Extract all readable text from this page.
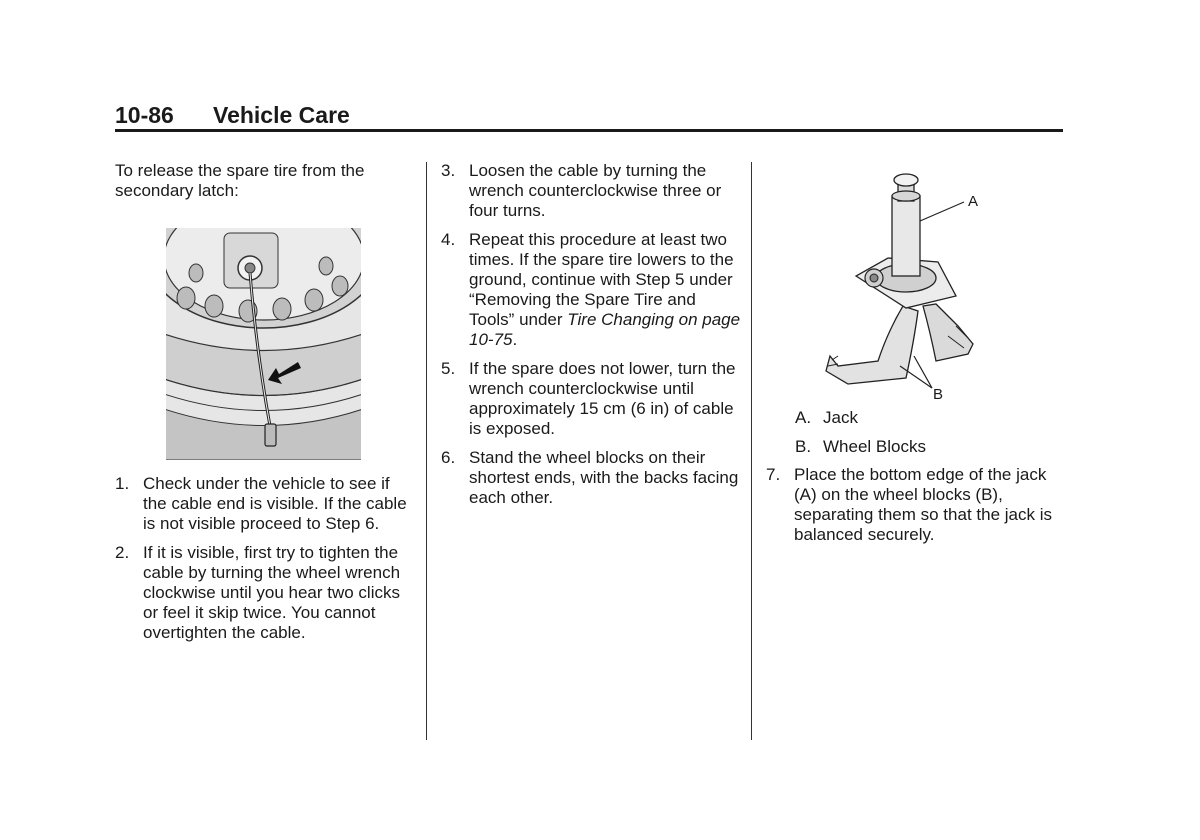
10-86 Vehicle Care
To release the spare tire from the secondary latch:
1. Check under the vehicle to see if the cable end is visible. If the cable is not visible proceed to Step 6.
2. If it is visible, first try to tighten the cable by turning the wheel wrench clockwise until you hear two clicks or feel it skip twice. You cannot overtighten the cable.
3. Loosen the cable by turning the wrench counterclockwise three or four turns.
4. Repeat this procedure at least two times. If the spare tire lowers to the ground, continue with Step 5 under “Removing the Spare Tire and Tools” under Tire Changing on page 10-75.
5. If the spare does not lower, turn the wrench counterclockwise until approximately 15 cm (6 in) of cable is exposed.
6. Stand the wheel blocks on their shortest ends, with the backs facing each other.
A
B
A. Jack
B. Wheel Blocks
7. Place the bottom edge of the jack (A) on the wheel blocks (B), separating them so that the jack is balanced securely.
